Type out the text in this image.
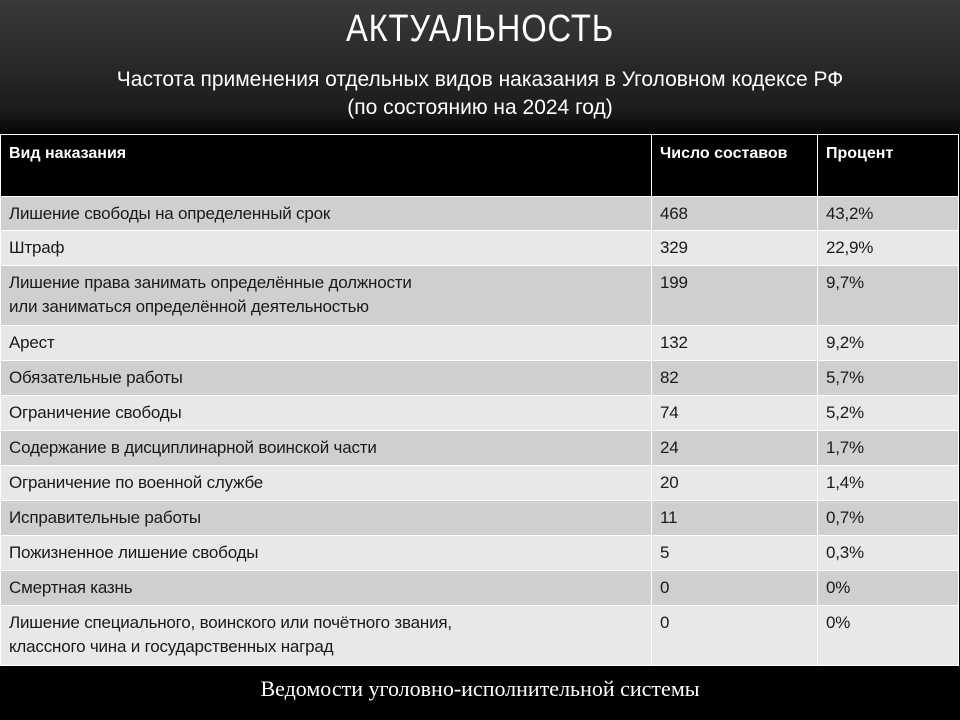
АКТУАЛЬНОСТЬ
Частота применения отдельных видов наказания в Уголовном кодексе РФ
(по состоянию на 2024 год)
Вид наказания	Число составов	Процент

Лишение свободы на определенный срок	468	43,2%

Штраф	329	22,9%

Лишение права занимать определённые должности
или заниматься определённой деятельностью	199	9,7%

Арест	132	9,2%

Обязательные работы	82	5,7%

Ограничение свободы	74	5,2%

Содержание в дисциплинарной воинской части	24	1,7%

Ограничение по военной службе	20	1,4%

Исправительные работы	11	0,7%

Пожизненное лишение свободы	5	0,3%

Смертная казнь	0	0%

Лишение специального, воинского или почётного звания,
классного чина и государственных наград	0	0%
Ведомости уголовно-исполнительной системы
